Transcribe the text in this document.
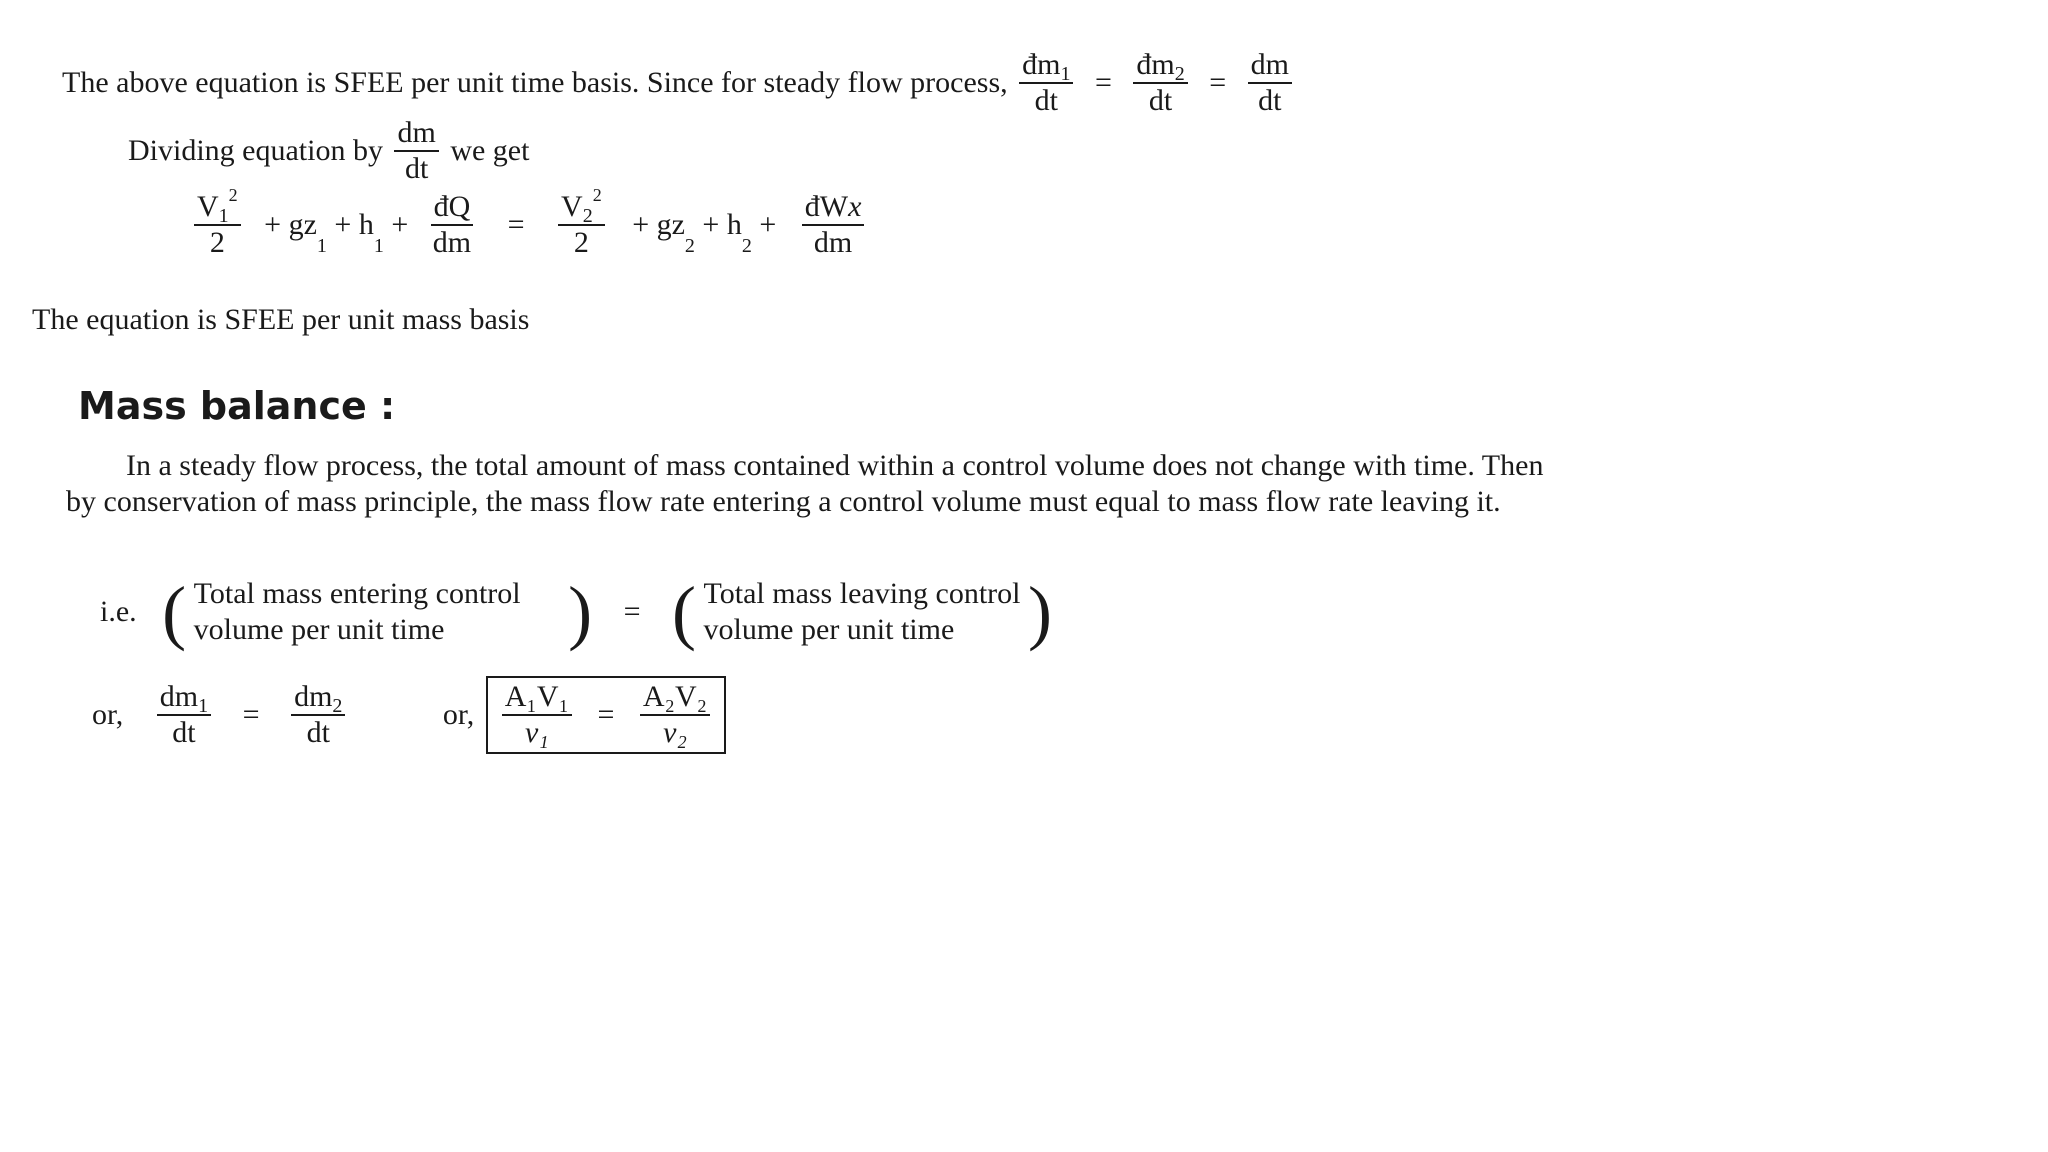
The above equation is SFEE per unit time basis. Since for steady flow process, $\frac{đm1}{dt} = \frac{đm2}{dt} = \frac{dm}{dt}$
Dividing equation by $\frac{dm}{dt}$ we get
$\frac{V1^2}{2} + gz1 + h1 + \frac{đQ}{dm} = \frac{V2^2}{2} + gz2 + h2 + \frac{\text{đWx}}{dm}$
The equation is SFEE per unit mass basis
Mass balance :
In a steady flow process, the total amount of mass contained within a control volume does not change with time. Then by conservation of mass principle, the mass flow rate entering a control volume must equal to mass flow rate leaving it.
i.e. ( Total mass entering control
volume per unit time	) = ( Total mass leaving control
volume per unit time	)
or, $\frac{dm1}{dt} = \frac{dm2}{dt}$	or, $\frac{\text{A₁V₁}}{\text{v₁}} = \frac{\text{A₂V₂}}{\text{v₂}}$
